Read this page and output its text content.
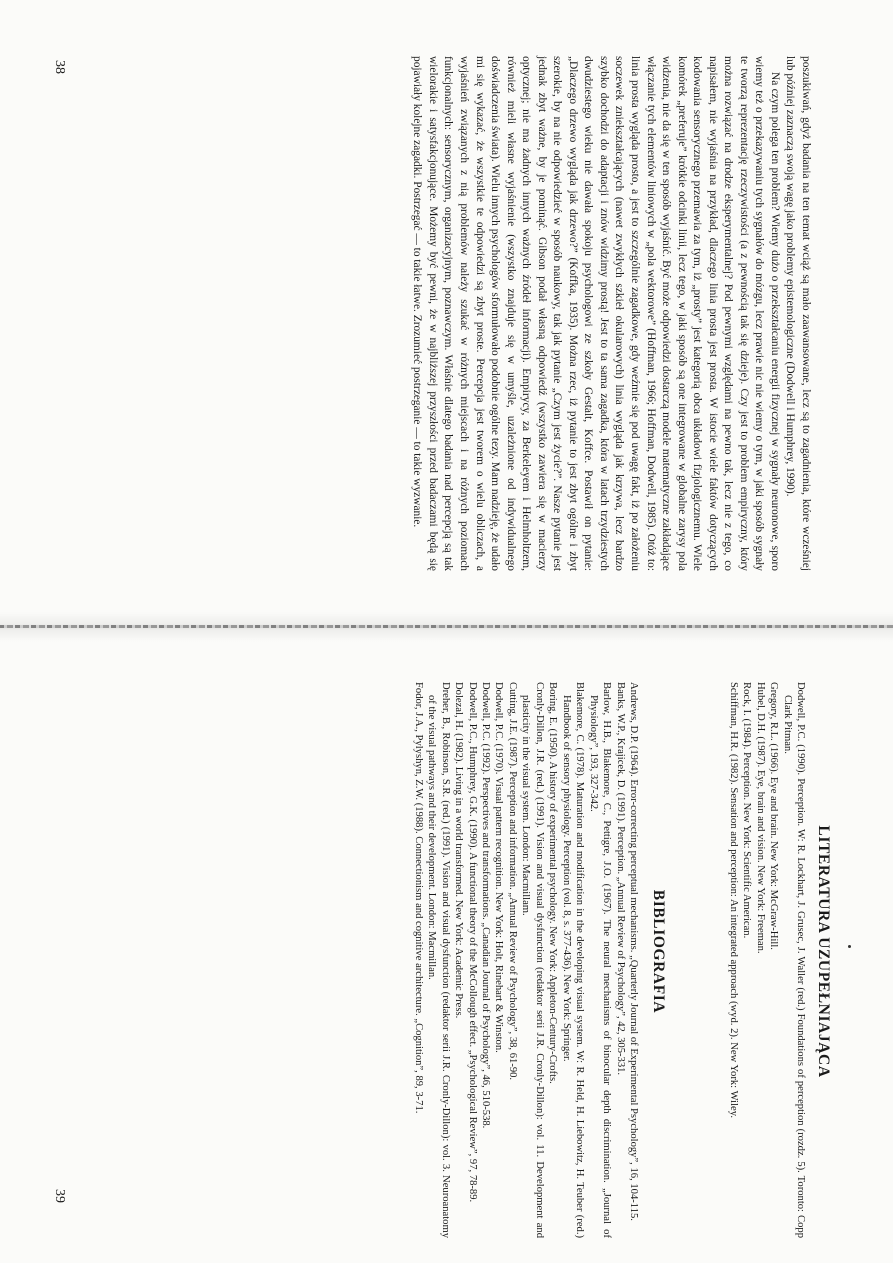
poszukiwań, gdyż badania na ten temat wciąż są mało zaawansowane, lecz są to zagadnienia, które wcześniej lub później zaznaczą swoją wagę jako problemy epistemologiczne (Dodwell i Humphrey, 1990).

Na czym polega ten problem? Wiemy dużo o przekształcaniu energii fizycznej w sygnały neuronowe, sporo wiemy też o przekazywaniu tych sygnałów do mózgu, lecz prawie nic nie wiemy o tym, w jaki sposób sygnały te tworzą reprezentację rzeczywistości (a z pewnością tak się dzieje). Czy jest to problem empiryczny, który można rozwiązać na drodze eksperymentalnej? Pod pewnymi względami na pewno tak, lecz nie z tego, co napisałem, nie wyjaśnia na przykład, dlaczego linia prosta jest prosta. W istocie wiele faktów dotyczących kodowania sensorycznego przemawia za tym, iż „prosty” jest kategorią obca układowi fizjologicznemu. Wiele komórek „preferuje” krótkie odcinki linii, lecz tego, w jaki sposób są one integrowane w globalne zarysy pola widzenia, nie da się w ten sposób wyjaśnić. Być może odpowiedzi dostarczą modele matematyczne zakładające włączanie tych elementów liniowych w „pola wektorowe” (Hoffman, 1966; Hoffman, Dodwell, 1985). Otóż to: linia prosta wygląda prosto, a jest to szczególnie zagadkowe, gdy weźmie się pod uwagę fakt, iż po założeniu soczewek zniekształcających (nawet zwykłych szkieł okularowych) linia wygląda jak krzywa, lecz bardzo szybko dochodzi do adaptacji i znów widzimy prostą! Jest to ta sama zagadka, która w latach trzydziestych dwudziestego wieku nie dawała spokoju psychologowi ze szkoły Gestalt, Koffce. Postawił on pytanie: „Dlaczego drzewo wygląda jak drzewo?” (Koffka, 1935). Można rzec, iż pytanie to jest zbyt ogólne i zbyt szerokie, by na nie odpowiedzieć w sposób naukowy, tak jak pytanie „Czym jest życie?”. Nasze pytanie jest jednak zbyt ważne, by je pominąć. Gibson podał własną odpowiedź (wszystko zawiera się w macierzy optycznej; nie ma żadnych innych ważnych źródeł informacji). Empirycy, za Berkeleyem i Helmholtzem, również mieli własne wyjaśnienie (wszystko znajduje się w umyśle, uzależnione od indywidualnego doświadczenia świata). Wielu innych psychologów sformułowało podobnie ogólne tezy. Mam nadzieję, że udało mi się wykazać, że wszystkie te odpowiedzi są zbyt proste. Percepcja jest tworem o wielu obliczach, a wyjaśnień związanych z nią problemów należy szukać w różnych miejscach i na różnych poziomach funkcjonalnych: sensorycznym, organizacyjnym, poznawczym. Właśnie dlatego badania nad percepcją są tak wielorakie i satysfakcjonujące. Możemy być pewni, że w najbliższej przyszłości przed badaczami będą się pojawiały kolejne zagadki. Postrzegać — to takie łatwe. Zrozumieć postrzeganie — to takie wyzwanie.

38
LITERATURA UZUPEŁNIAJĄCA

Dodwell, P.C. (1990). Perception. W: R. Lockhart, J. Grusec, J. Waller (red.) Foundations of perception (rozdz. 5). Toronto: Copp Clark Pitman.

Gregory, R.L. (1966). Eye and brain. New York: McGraw-Hill.

Hubel, D.H. (1987). Eye, brain and vision. New York: Freeman.

Rock, I. (1984). Perception. New York: Scientific American.

Schiffman, H.R. (1982). Sensation and perception: An integrated approach (wyd. 2). New York: Wiley.

BIBLIOGRAFIA

Andrews, D.P. (1964). Error-correcting perceptual mechanisms. „Quarterly Journal of Experimental Psychology”, 16, 104-115.

Banks, W.P., Krajicek, D. (1991). Perception. „Annual Review of Psychology”, 42, 305-331.

Barlow, H.B., Blakemore, C., Pettigre, J.O. (1967). The neural mechanisms of binocular depth discrimination. „Journal of Physiology”, 193, 327-342.

Blakemore, C. (1978). Maturation and modification in the developing visual system. W: R. Held, H. Liebowitz, H. Teuber (red.) Handbook of sensory physiology. Perception (vol. 8, s. 377-436). New York: Springer.

Boring, E. (1950). A history of experimental psychology. New York: Appleton-Century-Crofts.

Cronly-Dillon, J.R. (red.) (1991). Vision and visual dysfunction (redaktor serii J.R. Cronly-Dillon): vol. 11. Development and plasticity in the visual system. London: Macmillam.

Cutting, J.E. (1987). Perception and information. „Annual Review of Psychology”, 38, 61-90.

Dodwell, P.C. (1970). Visual pattern recognition. New York: Holt, Rinehart & Winston.

Dodwell, P.C. (1992). Perspectives and transformations. „Canadian Journal of Psychology”, 46, 510-538.

Dodwell, P.C., Humphrey, G.K. (1990). A functional theory of the McCollough effect. „Psychological Review”, 97, 78-89.

Dolezal, H. (1982). Living in a world transformed. New York: Academic Press.

Dreher, B., Robinson, S.R. (red.) (1991). Vision and visual dysfunction (redaktor serii J.R. Cronly-Dillon): vol. 3. Neuroanatomy of the visual pathways and their development. London: Macmillan.

Fodor, J.A., Pylyshyn, Z.W. (1988). Connectionism and cognitive architecture. „Cognition”, 89, 3-71.

39
